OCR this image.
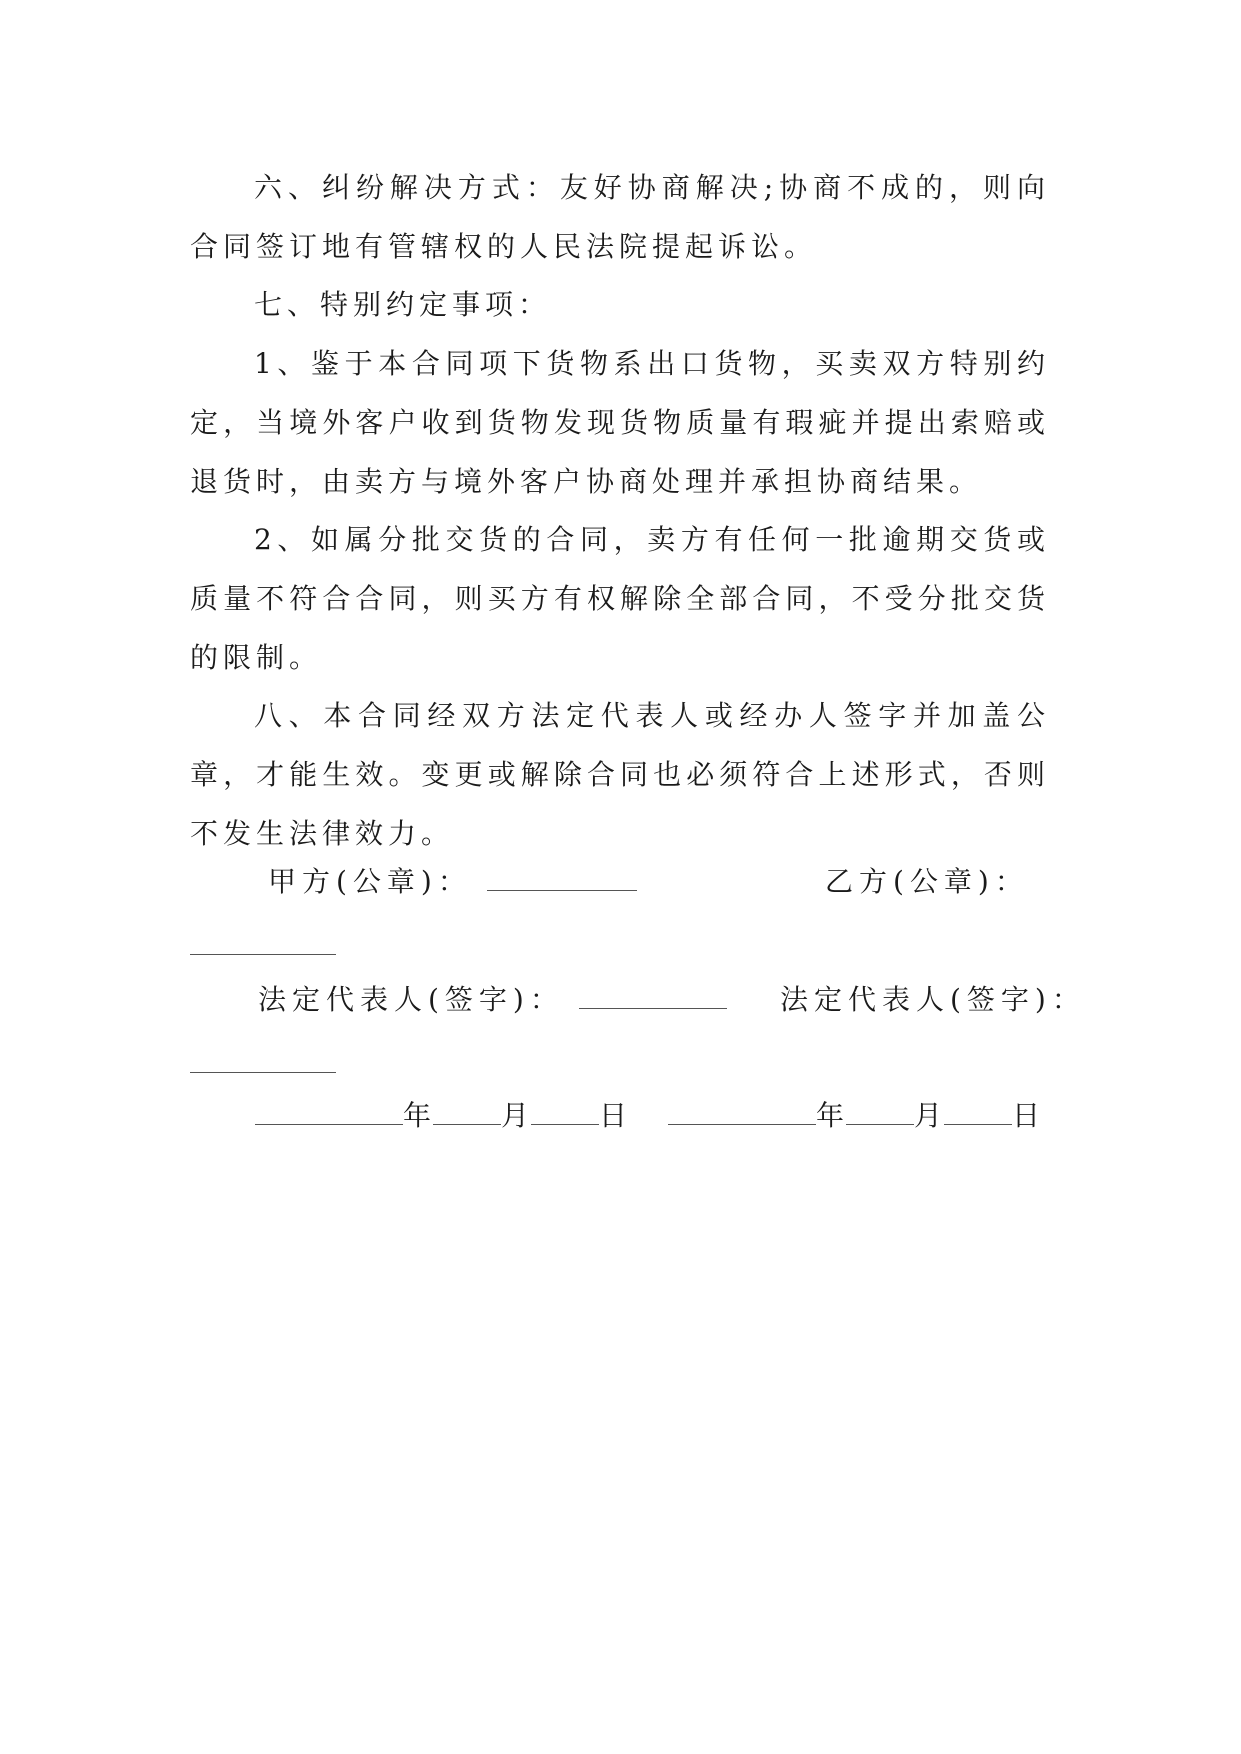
六、纠纷解决方式：友好协商解决;协商不成的，则向合同签订地有管辖权的人民法院提起诉讼。

七、特别约定事项：

1、鉴于本合同项下货物系出口货物，买卖双方特别约定，当境外客户收到货物发现货物质量有瑕疵并提出索赔或退货时，由卖方与境外客户协商处理并承担协商结果。

2、如属分批交货的合同，卖方有任何一批逾期交货或质量不符合合同，则买方有权解除全部合同，不受分批交货的限制。

八、本合同经双方法定代表人或经办人签字并加盖公章，才能生效。变更或解除合同也必须符合上述形式，否则不发生法律效力。

甲方(公章)：	乙方(公章)：
法定代表人(签字)：	法定代表人(签字)：
年 月 日	年 月 日
